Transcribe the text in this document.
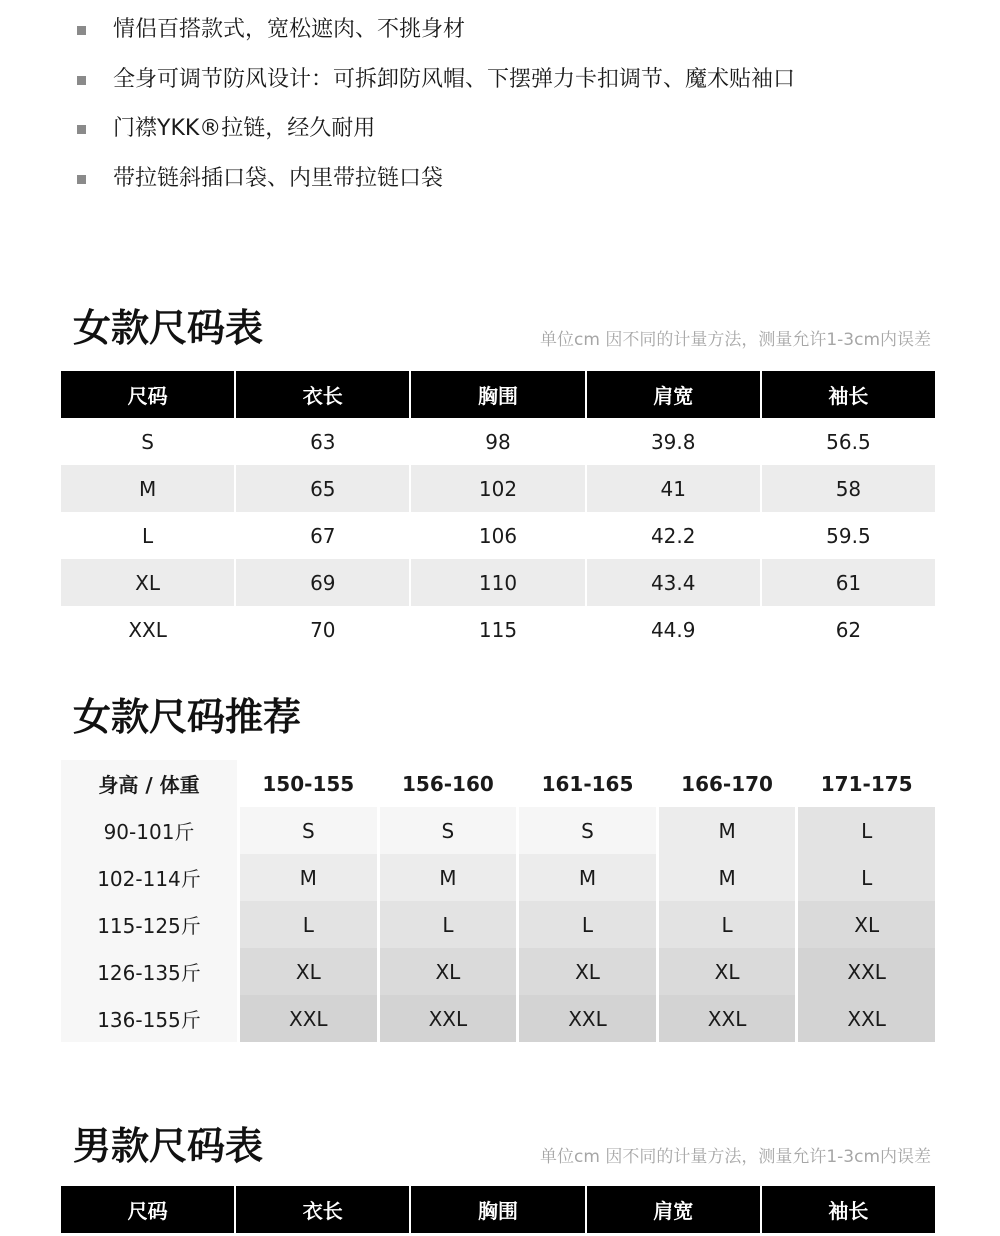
情侣百搭款式，宽松遮肉、不挑身材
全身可调节防风设计：可拆卸防风帽、下摆弹力卡扣调节、魔术贴袖口
门襟YKK®拉链，经久耐用
带拉链斜插口袋、内里带拉链口袋
女款尺码表	单位cm 因不同的计量方法，测量允许1-3cm内误差
尺码	衣长	胸围	肩宽	袖长
S	63	98	39.8	56.5
M	65	102	41	58
L	67	106	42.2	59.5
XL	69	110	43.4	61
XXL	70	115	44.9	62
女款尺码推荐
身高 / 体重	150-155	156-160	161-165	166-170	171-175
90-101斤	S	S	S	M	L
102-114斤	M	M	M	M	L
115-125斤	L	L	L	L	XL
126-135斤	XL	XL	XL	XL	XXL
136-155斤	XXL	XXL	XXL	XXL	XXL
男款尺码表	单位cm 因不同的计量方法，测量允许1-3cm内误差
尺码	衣长	胸围	肩宽	袖长
